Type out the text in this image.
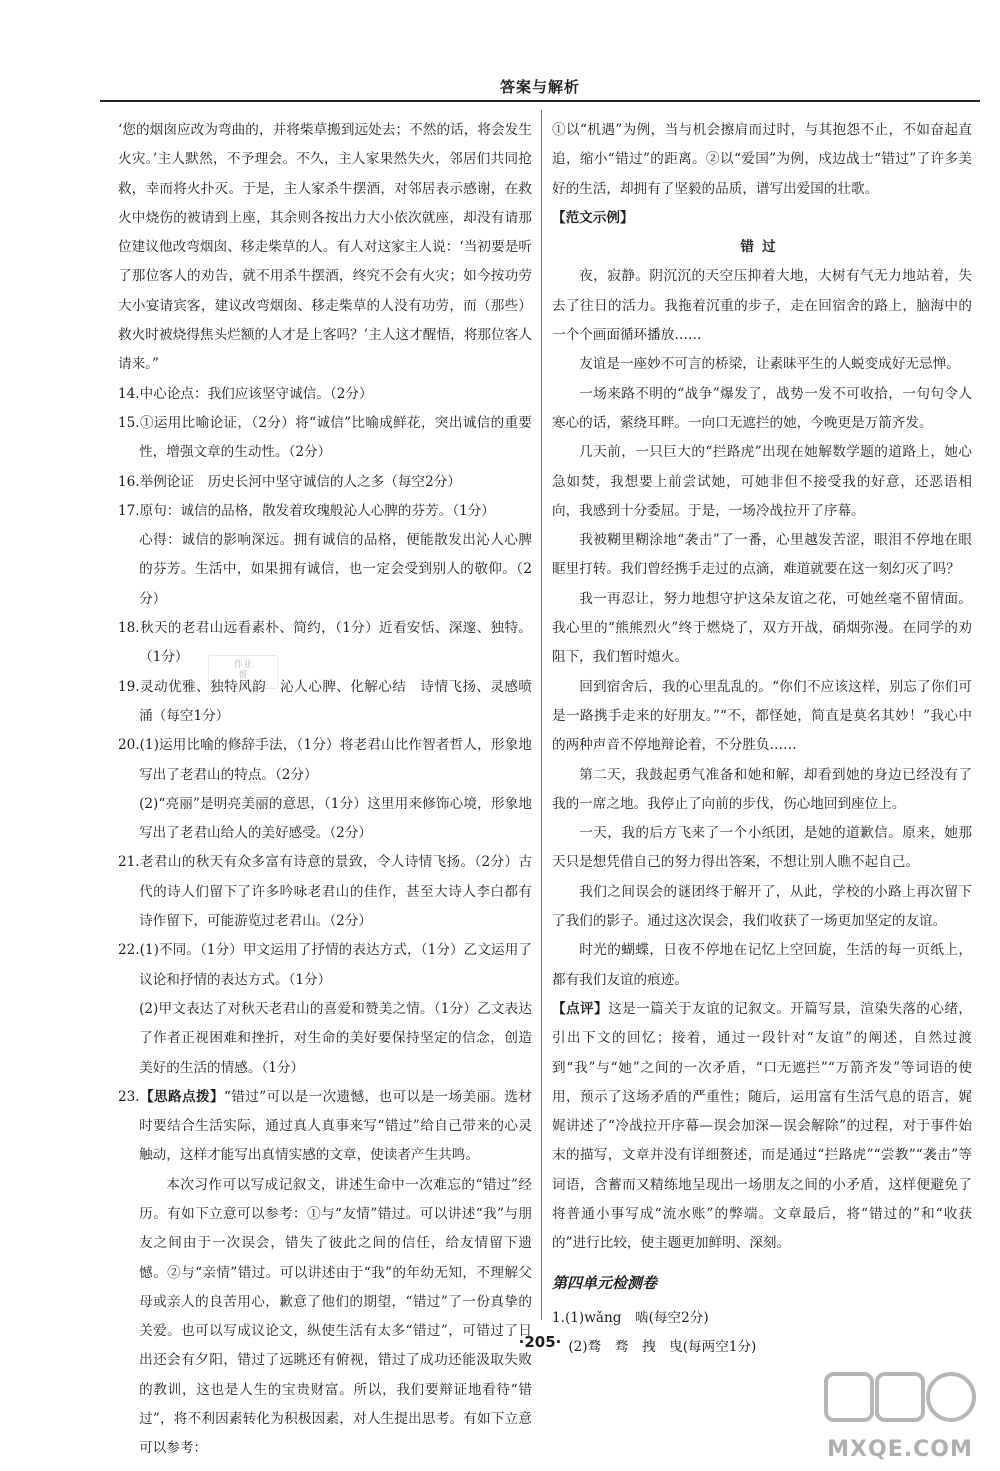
答案与解析

‘您的烟囱应改为弯曲的，并将柴草搬到远处去；不然的话，将会发生火灾。’主人默然，不予理会。不久，主人家果然失火，邻居们共同抢救，幸而将火扑灭。于是，主人家杀牛摆酒，对邻居表示感谢，在救火中烧伤的被请到上座，其余则各按出力大小依次就座，却没有请那位建议他改弯烟囱、移走柴草的人。有人对这家主人说：‘当初要是听了那位客人的劝告，就不用杀牛摆酒，终究不会有火灾；如今按功劳大小宴请宾客，建议改弯烟囱、移走柴草的人没有功劳，而（那些）救火时被烧得焦头烂额的人才是上客吗？’主人这才醒悟，将那位客人请来。”

14.中心论点：我们应该坚守诚信。（2分）

15.①运用比喻论证，（2分）将“诚信”比喻成鲜花，突出诚信的重要性，增强文章的生动性。（2分）

16.举例论证　历史长河中坚守诚信的人之多（每空2分）

17.原句：诚信的品格，散发着玫瑰般沁人心脾的芬芳。（1分）

心得：诚信的影响深远。拥有诚信的品格，便能散发出沁人心脾的芬芳。生活中，如果拥有诚信，也一定会受到别人的敬仰。（2分）

18.秋天的老君山远看素朴、简约，（1分）近看安恬、深邃、独特。（1分）

19.灵动优雅、独特风韵　沁人心脾、化解心结　诗情飞扬、灵感喷涌（每空1分）

20.(1)运用比喻的修辞手法，（1分）将老君山比作智者哲人，形象地写出了老君山的特点。（2分）

(2)“亮丽”是明亮美丽的意思，（1分）这里用来修饰心境，形象地写出了老君山给人的美好感受。（2分）

21.老君山的秋天有众多富有诗意的景致，令人诗情飞扬。（2分）古代的诗人们留下了许多吟咏老君山的佳作，甚至大诗人李白都有诗作留下，可能游览过老君山。（2分）

22.(1)不同。（1分）甲文运用了抒情的表达方式，（1分）乙文运用了议论和抒情的表达方式。（1分）

(2)甲文表达了对秋天老君山的喜爱和赞美之情。（1分）乙文表达了作者正视困难和挫折，对生命的美好要保持坚定的信念，创造美好的生活的情感。（1分）

23.【思路点拨】“错过”可以是一次遗憾，也可以是一场美丽。选材时要结合生活实际，通过真人真事来写“错过”给自己带来的心灵触动，这样才能写出真情实感的文章，使读者产生共鸣。

本次习作可以写成记叙文，讲述生命中一次难忘的“错过”经历。有如下立意可以参考：①与“友情”错过。可以讲述“我”与朋友之间由于一次误会，错失了彼此之间的信任，给友情留下遗憾。②与“亲情”错过。可以讲述由于“我”的年幼无知，不理解父母或亲人的良苦用心，歉意了他们的期望，“错过”了一份真挚的关爱。也可以写成议论文，纵使生活有太多“错过”，可错过了日出还会有夕阳，错过了远眺还有俯视，错过了成功还能汲取失败的教训，这也是人生的宝贵财富。所以，我们要辩证地看待“错过”，将不利因素转化为积极因素，对人生提出思考。有如下立意可以参考：

作业
帮

①以“机遇”为例，当与机会擦肩而过时，与其抱怨不止，不如奋起直追，缩小“错过”的距离。②以“爱国”为例，戍边战士“错过”了许多美好的生活，却拥有了坚毅的品质，谱写出爱国的壮歌。

【范文示例】

错过

夜，寂静。阴沉沉的天空压抑着大地，大树有气无力地站着，失去了往日的活力。我拖着沉重的步子，走在回宿舍的路上，脑海中的一个个画面循环播放……

友谊是一座妙不可言的桥梁，让素昧平生的人蜕变成好无忌惮。

一场来路不明的“战争”爆发了，战势一发不可收拾，一句句令人寒心的话，萦绕耳畔。一向口无遮拦的她，今晚更是万箭齐发。

几天前，一只巨大的“拦路虎”出现在她解数学题的道路上，她心急如焚，我想要上前尝试她，可她非但不接受我的好意，还恶语相向，我感到十分委屈。于是，一场冷战拉开了序幕。

我被糊里糊涂地“袭击”了一番，心里越发苦涩，眼泪不停地在眼眶里打转。我们曾经携手走过的点滴，难道就要在这一刻幻灭了吗？

我一再忍让，努力地想守护这朵友谊之花，可她丝毫不留情面。我心里的“熊熊烈火”终于燃烧了，双方开战，硝烟弥漫。在同学的劝阻下，我们暂时熄火。

回到宿舍后，我的心里乱乱的。“你们不应该这样，别忘了你们可是一路携手走来的好朋友。”“不，都怪她，简直是莫名其妙！”我心中的两种声音不停地辩论着，不分胜负……

第二天，我鼓起勇气准备和她和解，却看到她的身边已经没有了我的一席之地。我停止了向前的步伐，伤心地回到座位上。

一天，我的后方飞来了一个小纸团，是她的道歉信。原来，她那天只是想凭借自己的努力得出答案，不想让别人瞧不起自己。

我们之间误会的谜团终于解开了，从此，学校的小路上再次留下了我们的影子。通过这次误会，我们收获了一场更加坚定的友谊。

时光的蝴蝶，日夜不停地在记忆上空回旋，生活的每一页纸上，都有我们友谊的痕迹。

【点评】这是一篇关于友谊的记叙文。开篇写景，渲染失落的心绪，引出下文的回忆；接着，通过一段针对“友谊”的阐述，自然过渡到“我”与“她”之间的一次矛盾，“口无遮拦”“万箭齐发”等词语的使用，预示了这场矛盾的严重性；随后，运用富有生活气息的语言，娓娓讲述了“冷战拉开序幕—误会加深—误会解除”的过程，对于事件始末的描写，文章并没有详细赘述，而是通过“拦路虎”“尝教”“袭击”等词语，含蓄而又精练地呈现出一场朋友之间的小矛盾，这样便避免了将普通小事写成“流水账”的弊端。文章最后，将“错过的”和“收获的”进行比较，使主题更加鲜明、深刻。

第四单元检测卷

1.(1)wǎng　啮(每空2分)

(2)骛　骛　拽　曳(每两空1分)

·205·
MXQE.COM
